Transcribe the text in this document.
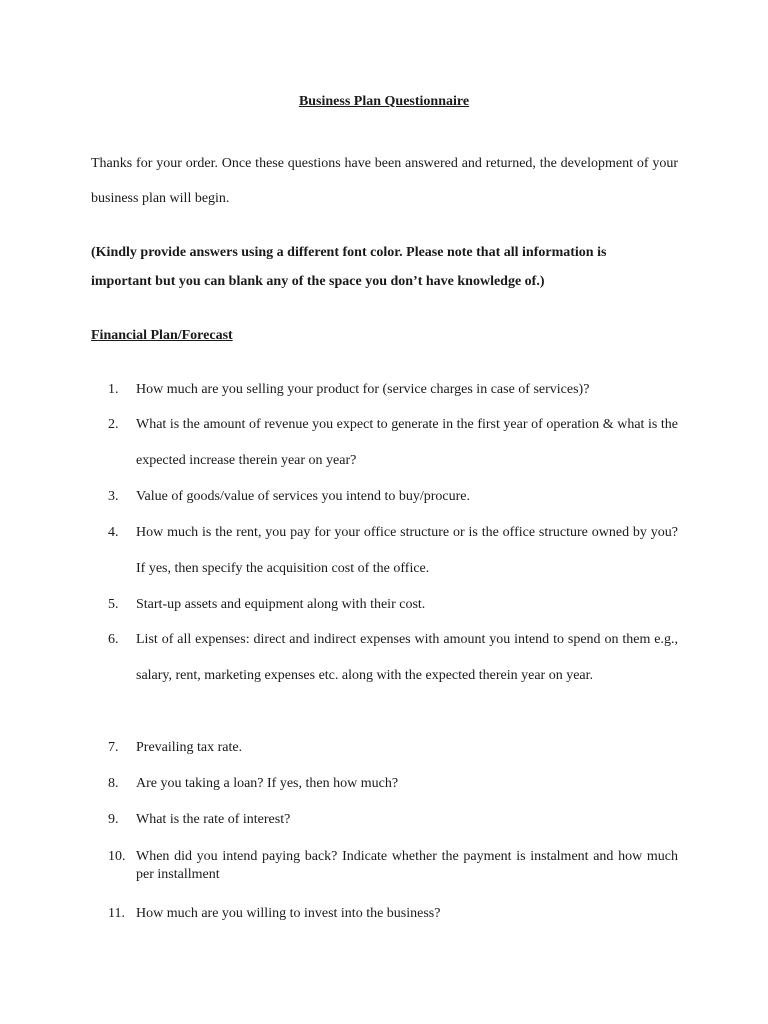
Business Plan Questionnaire

Thanks for your order. Once these questions have been answered and returned, the development of your business plan will begin.

(Kindly provide answers using a different font color. Please note that all information is

important but you can blank any of the space you don’t have knowledge of.)

Financial Plan/Forecast
1.	How much are you selling your product for (service charges in case of services)?
2.	What is the amount of revenue you expect to generate in the first year of operation & what is the expected increase therein year on year?
3.	Value of goods/value of services you intend to buy/procure.
4.	How much is the rent, you pay for your office structure or is the office structure owned by you? If yes, then specify the acquisition cost of the office.
5.	Start-up assets and equipment along with their cost.
6.	List of all expenses: direct and indirect expenses with amount you intend to spend on them e.g., salary, rent, marketing expenses etc. along with the expected therein year on year.
7.	Prevailing tax rate.
8.	Are you taking a loan? If yes, then how much?
9.	What is the rate of interest?
10. When did you intend paying back? Indicate whether the payment is instalment and how much per installment
11. How much are you willing to invest into the business?
